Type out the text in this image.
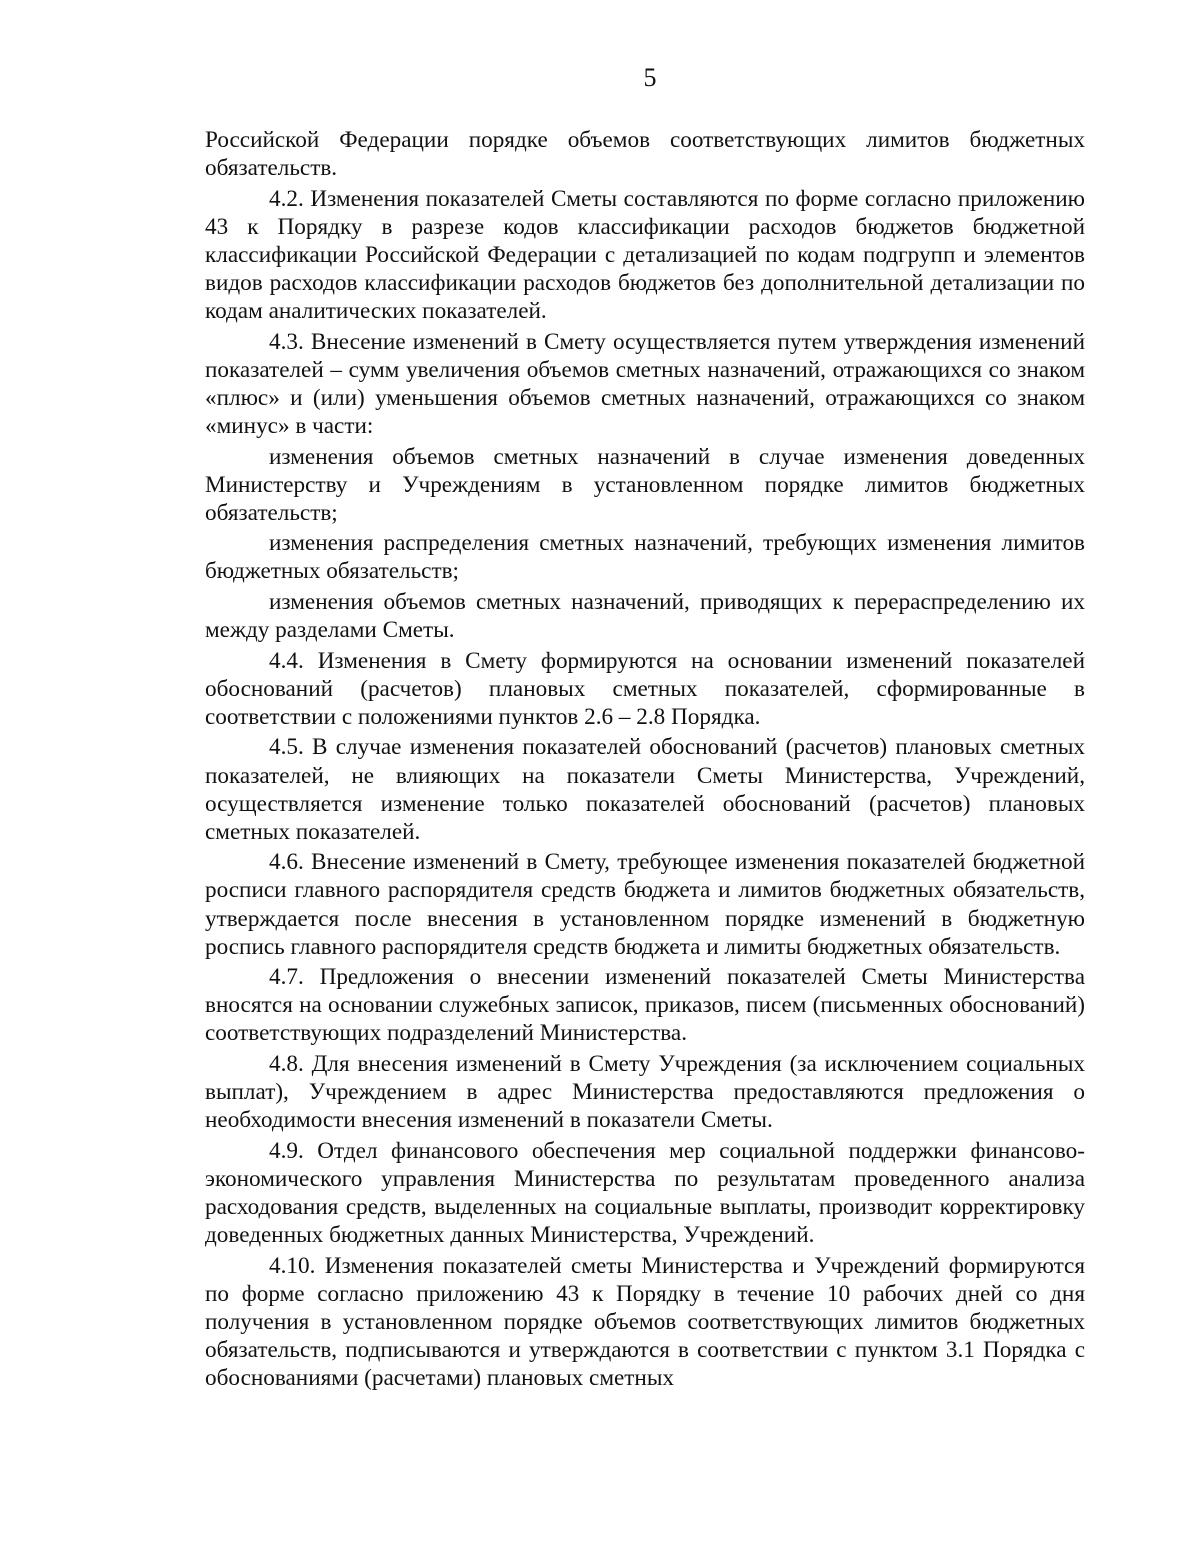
5

Российской Федерации порядке объемов соответствующих лимитов бюджетных обязательств.

4.2. Изменения показателей Сметы составляются по форме согласно приложению 43 к Порядку в разрезе кодов классификации расходов бюджетов бюджетной классификации Российской Федерации с детализацией по кодам подгрупп и элементов видов расходов классификации расходов бюджетов без дополнительной детализации по кодам аналитических показателей.

4.3. Внесение изменений в Смету осуществляется путем утверждения изменений показателей – сумм увеличения объемов сметных назначений, отражающихся со знаком «плюс» и (или) уменьшения объемов сметных назначений, отражающихся со знаком «минус» в части:

изменения объемов сметных назначений в случае изменения доведенных Министерству и Учреждениям в установленном порядке лимитов бюджетных обязательств;

изменения распределения сметных назначений, требующих изменения лимитов бюджетных обязательств;

изменения объемов сметных назначений, приводящих к перераспределению их между разделами Сметы.

4.4. Изменения в Смету формируются на основании изменений показателей обоснований (расчетов) плановых сметных показателей, сформированные в соответствии с положениями пунктов 2.6 – 2.8 Порядка.

4.5. В случае изменения показателей обоснований (расчетов) плановых сметных показателей, не влияющих на показатели Сметы Министерства, Учреждений, осуществляется изменение только показателей обоснований (расчетов) плановых сметных показателей.

4.6. Внесение изменений в Смету, требующее изменения показателей бюджетной росписи главного распорядителя средств бюджета и лимитов бюджетных обязательств, утверждается после внесения в установленном порядке изменений в бюджетную роспись главного распорядителя средств бюджета и лимиты бюджетных обязательств.

4.7. Предложения о внесении изменений показателей Сметы Министерства вносятся на основании служебных записок, приказов, писем (письменных обоснований) соответствующих подразделений Министерства.

4.8. Для внесения изменений в Смету Учреждения (за исключением социальных выплат), Учреждением в адрес Министерства предоставляются предложения о необходимости внесения изменений в показатели Сметы.

4.9. Отдел финансового обеспечения мер социальной поддержки финансово-экономического управления Министерства по результатам проведенного анализа расходования средств, выделенных на социальные выплаты, производит корректировку доведенных бюджетных данных Министерства, Учреждений.

4.10. Изменения показателей сметы Министерства и Учреждений формируются по форме согласно приложению 43 к Порядку в течение 10 рабочих дней со дня получения в установленном порядке объемов соответствующих лимитов бюджетных обязательств, подписываются и утверждаются в соответствии с пунктом 3.1 Порядка с обоснованиями (расчетами) плановых сметных
